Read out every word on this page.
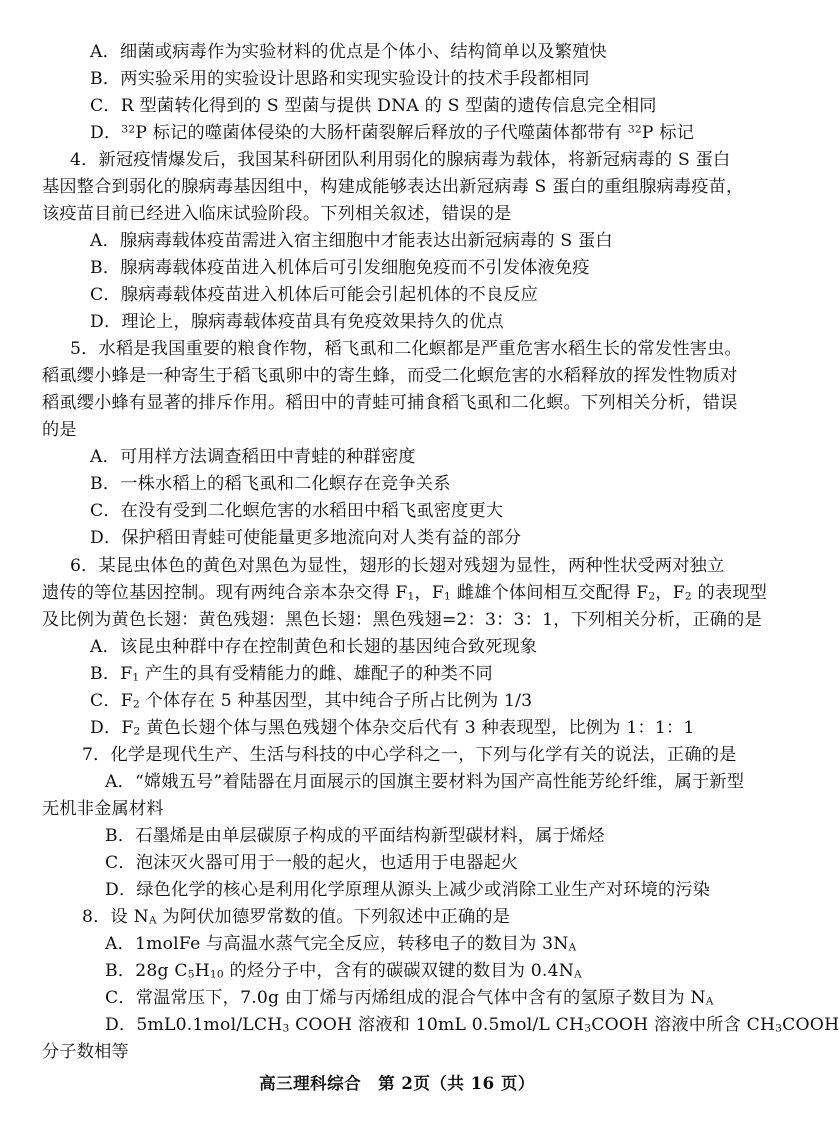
A．细菌或病毒作为实验材料的优点是个体小、结构简单以及繁殖快
B．两实验采用的实验设计思路和实现实验设计的技术手段都相同
C．R 型菌转化得到的 S 型菌与提供 DNA 的 S 型菌的遗传信息完全相同
D．$^{32}$P 标记的噬菌体侵染的大肠杆菌裂解后释放的子代噬菌体都带有 $^{32}$P 标记
4．新冠疫情爆发后，我国某科研团队利用弱化的腺病毒为载体，将新冠病毒的 S 蛋白
基因整合到弱化的腺病毒基因组中，构建成能够表达出新冠病毒 S 蛋白的重组腺病毒疫苗，
该疫苗目前已经进入临床试验阶段。下列相关叙述，错误的是
A．腺病毒载体疫苗需进入宿主细胞中才能表达出新冠病毒的 S 蛋白
B．腺病毒载体疫苗进入机体后可引发细胞免疫而不引发体液免疫
C．腺病毒载体疫苗进入机体后可能会引起机体的不良反应
D．理论上，腺病毒载体疫苗具有免疫效果持久的优点
5．水稻是我国重要的粮食作物，稻飞虱和二化螟都是严重危害水稻生长的常发性害虫。
稻虱缨小蜂是一种寄生于稻飞虱卵中的寄生蜂，而受二化螟危害的水稻释放的挥发性物质对
稻虱缨小蜂有显著的排斥作用。稻田中的青蛙可捕食稻飞虱和二化螟。下列相关分析，错误
的是
A．可用样方法调查稻田中青蛙的种群密度
B．一株水稻上的稻飞虱和二化螟存在竞争关系
C．在没有受到二化螟危害的水稻田中稻飞虱密度更大
D．保护稻田青蛙可使能量更多地流向对人类有益的部分
6．某昆虫体色的黄色对黑色为显性，翅形的长翅对残翅为显性，两种性状受两对独立
遗传的等位基因控制。现有两纯合亲本杂交得 $F_1$，$F_1$ 雌雄个体间相互交配得 $F_2$，$F_2$ 的表现型
及比例为黄色长翅：黄色残翅：黑色长翅：黑色残翅=2：3：3：1，下列相关分析，正确的是
A．该昆虫种群中存在控制黄色和长翅的基因纯合致死现象
B．$F_1$ 产生的具有受精能力的雌、雄配子的种类不同
C．$F_2$ 个体存在 5 种基因型，其中纯合子所占比例为 1/3
D．$F_2$ 黄色长翅个体与黑色残翅个体杂交后代有 3 种表现型，比例为 1：1：1
7．化学是现代生产、生活与科技的中心学科之一，下列与化学有关的说法，正确的是
A．“嫦娥五号”着陆器在月面展示的国旗主要材料为国产高性能芳纶纤维，属于新型
无机非金属材料
B．石墨烯是由单层碳原子构成的平面结构新型碳材料，属于烯烃
C．泡沫灭火器可用于一般的起火，也适用于电器起火
D．绿色化学的核心是利用化学原理从源头上减少或消除工业生产对环境的污染
8．设 $N_A$ 为阿伏加德罗常数的值。下列叙述中正确的是
A．1molFe 与高温水蒸气完全反应，转移电子的数目为 $3N_A$
B．28g $C_5H_{10}$ 的烃分子中，含有的碳碳双键的数目为 $0.4N_A$
C．常温常压下，7.0g 由丁烯与丙烯组成的混合气体中含有的氢原子数目为 $N_A$
D．$5mL0.1mol/LCH_3$ COOH 溶液和 10mL 0.5mol/L $CH_3COOH$ 溶液中所含 $CH_3COOH$
分子数相等
高三理科综合　第 2页（共 16 页）
